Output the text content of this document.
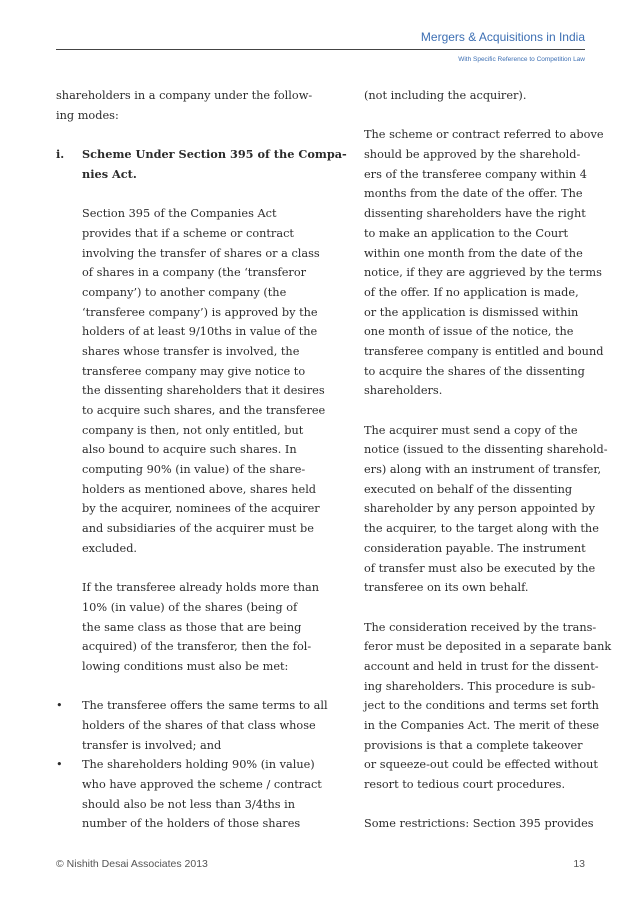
Mergers & Acquisitions in India
With Specific Reference to Competition Law
shareholders in a company under the follow-
ing modes:
i. Scheme Under Section 395 of the Compa-
nies Act.
Section 395 of the Companies Act
provides that if a scheme or contract
involving the transfer of shares or a class
of shares in a company (the ‘transferor
company’) to another company (the
‘transferee company’) is approved by the
holders of at least 9/10ths in value of the
shares whose transfer is involved, the
transferee company may give notice to
the dissenting shareholders that it desires
to acquire such shares, and the transferee
company is then, not only entitled, but
also bound to acquire such shares. In
computing 90% (in value) of the share-
holders as mentioned above, shares held
by the acquirer, nominees of the acquirer
and subsidiaries of the acquirer must be
excluded.
If the transferee already holds more than
10% (in value) of the shares (being of
the same class as those that are being
acquired) of the transferor, then the fol-
lowing conditions must also be met:
• The transferee offers the same terms to all
holders of the shares of that class whose
transfer is involved; and
• The shareholders holding 90% (in value)
who have approved the scheme / contract
should also be not less than 3/4ths in
number of the holders of those shares
(not including the acquirer).
The scheme or contract referred to above
should be approved by the sharehold-
ers of the transferee company within 4
months from the date of the offer. The
dissenting shareholders have the right
to make an application to the Court
within one month from the date of the
notice, if they are aggrieved by the terms
of the offer. If no application is made,
or the application is dismissed within
one month of issue of the notice, the
transferee company is entitled and bound
to acquire the shares of the dissenting
shareholders.
The acquirer must send a copy of the
notice (issued to the dissenting sharehold-
ers) along with an instrument of transfer,
executed on behalf of the dissenting
shareholder by any person appointed by
the acquirer, to the target along with the
consideration payable. The instrument
of transfer must also be executed by the
transferee on its own behalf.
The consideration received by the trans-
feror must be deposited in a separate bank
account and held in trust for the dissent-
ing shareholders. This procedure is sub-
ject to the conditions and terms set forth
in the Companies Act. The merit of these
provisions is that a complete takeover
or squeeze-out could be effected without
resort to tedious court procedures.
Some restrictions: Section 395 provides
© Nishith Desai Associates 2013	13
